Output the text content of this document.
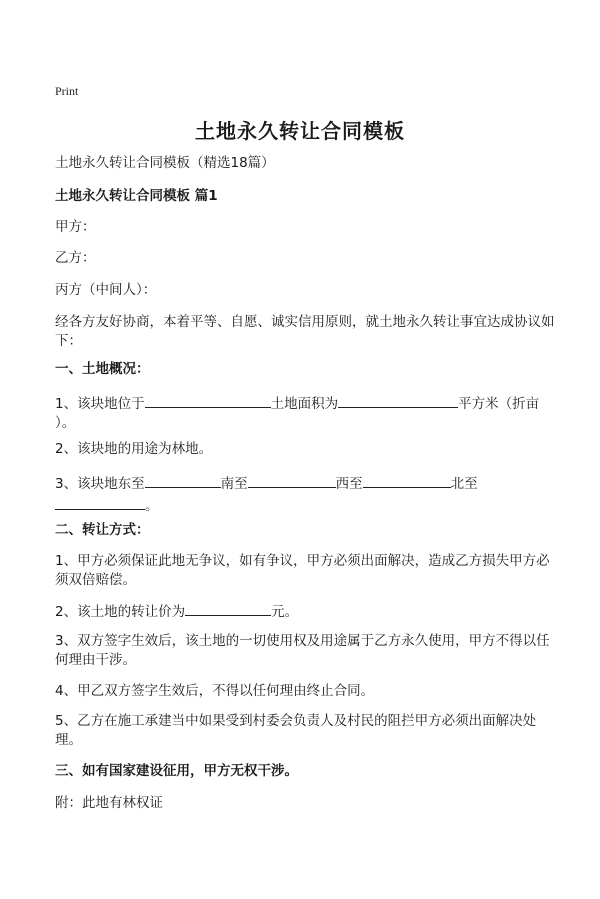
Print
土地永久转让合同模板
土地永久转让合同模板（精选18篇）
土地永久转让合同模板 篇1
甲方：
乙方：
丙方（中间人）：
经各方友好协商，本着平等、自愿、诚实信用原则，就土地永久转让事宜达成协议如下：
一、土地概况：
1、该块地位于	土地面积为	平方米（折亩
）。
2、该块地的用途为林地。
3、该块地东至	南至	西至	北至
。
二、转让方式：
1、甲方必须保证此地无争议，如有争议，甲方必须出面解决，造成乙方损失甲方必须双倍赔偿。
2、该土地的转让价为	元。
3、双方签字生效后，该土地的一切使用权及用途属于乙方永久使用，甲方不得以任何理由干涉。
4、甲乙双方签字生效后，不得以任何理由终止合同。
5、乙方在施工承建当中如果受到村委会负责人及村民的阻拦甲方必须出面解决处理。
三、如有国家建设征用，甲方无权干涉。
附：此地有林权证
